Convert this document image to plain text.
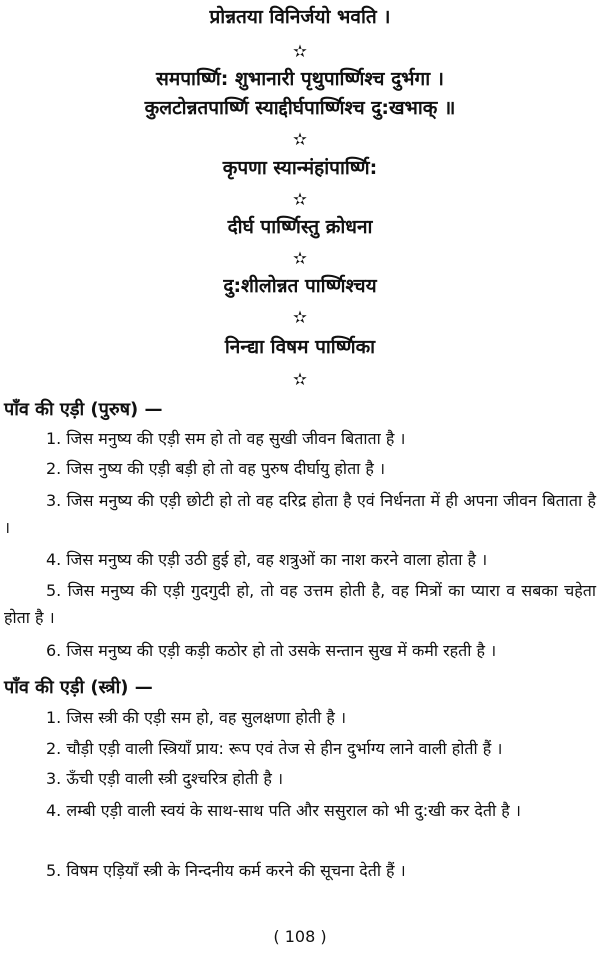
प्रोन्नतया विनिर्जयो भवति ।
✫
समपार्ष्णि: शुभानारी पृथुपार्ष्णिश्च दुर्भगा ।
कुलटोन्नतपार्ष्णि स्याद्दीर्घपार्ष्णिश्च दु:खभाक् ॥
✫
कृपणा स्यान्मंहांपार्ष्णि:
✫
दीर्घ पार्ष्णिस्तु क्रोधना
✫
दु:शीलोन्नत पार्ष्णिश्चय
✫
निन्द्या विषम पार्ष्णिका
✫
पाँव की एड़ी (पुरुष) —
1. जिस मनुष्य की एड़ी सम हो तो वह सुखी जीवन बिताता है ।
2. जिस नुष्य की एड़ी बड़ी हो तो वह पुरुष दीर्घायु होता है ।
3. जिस मनुष्य की एड़ी छोटी हो तो वह दरिद्र होता है एवं निर्धनता में ही अपना जीवन बिताता है ।
4. जिस मनुष्य की एड़ी उठी हुई हो, वह शत्रुओं का नाश करने वाला होता है ।
5. जिस मनुष्य की एड़ी गुदगुदी हो, तो वह उत्तम होती है, वह मित्रों का प्यारा व सबका चहेता होता है ।
6. जिस मनुष्य की एड़ी कड़ी कठोर हो तो उसके सन्तान सुख में कमी रहती है ।
पाँव की एड़ी (स्त्री) —
1. जिस स्त्री की एड़ी सम हो, वह सुलक्षणा होती है ।
2. चौड़ी एड़ी वाली स्त्रियाँ प्राय: रूप एवं तेज से हीन दुर्भाग्य लाने वाली होती हैं ।
3. ऊँची एड़ी वाली स्त्री दुश्चरित्र होती है ।
4. लम्बी एड़ी वाली स्वयं के साथ-साथ पति और ससुराल को भी दु:खी कर देती है ।
5. विषम एड़ियाँ स्त्री के निन्दनीय कर्म करने की सूचना देती हैं ।
( 108 )
